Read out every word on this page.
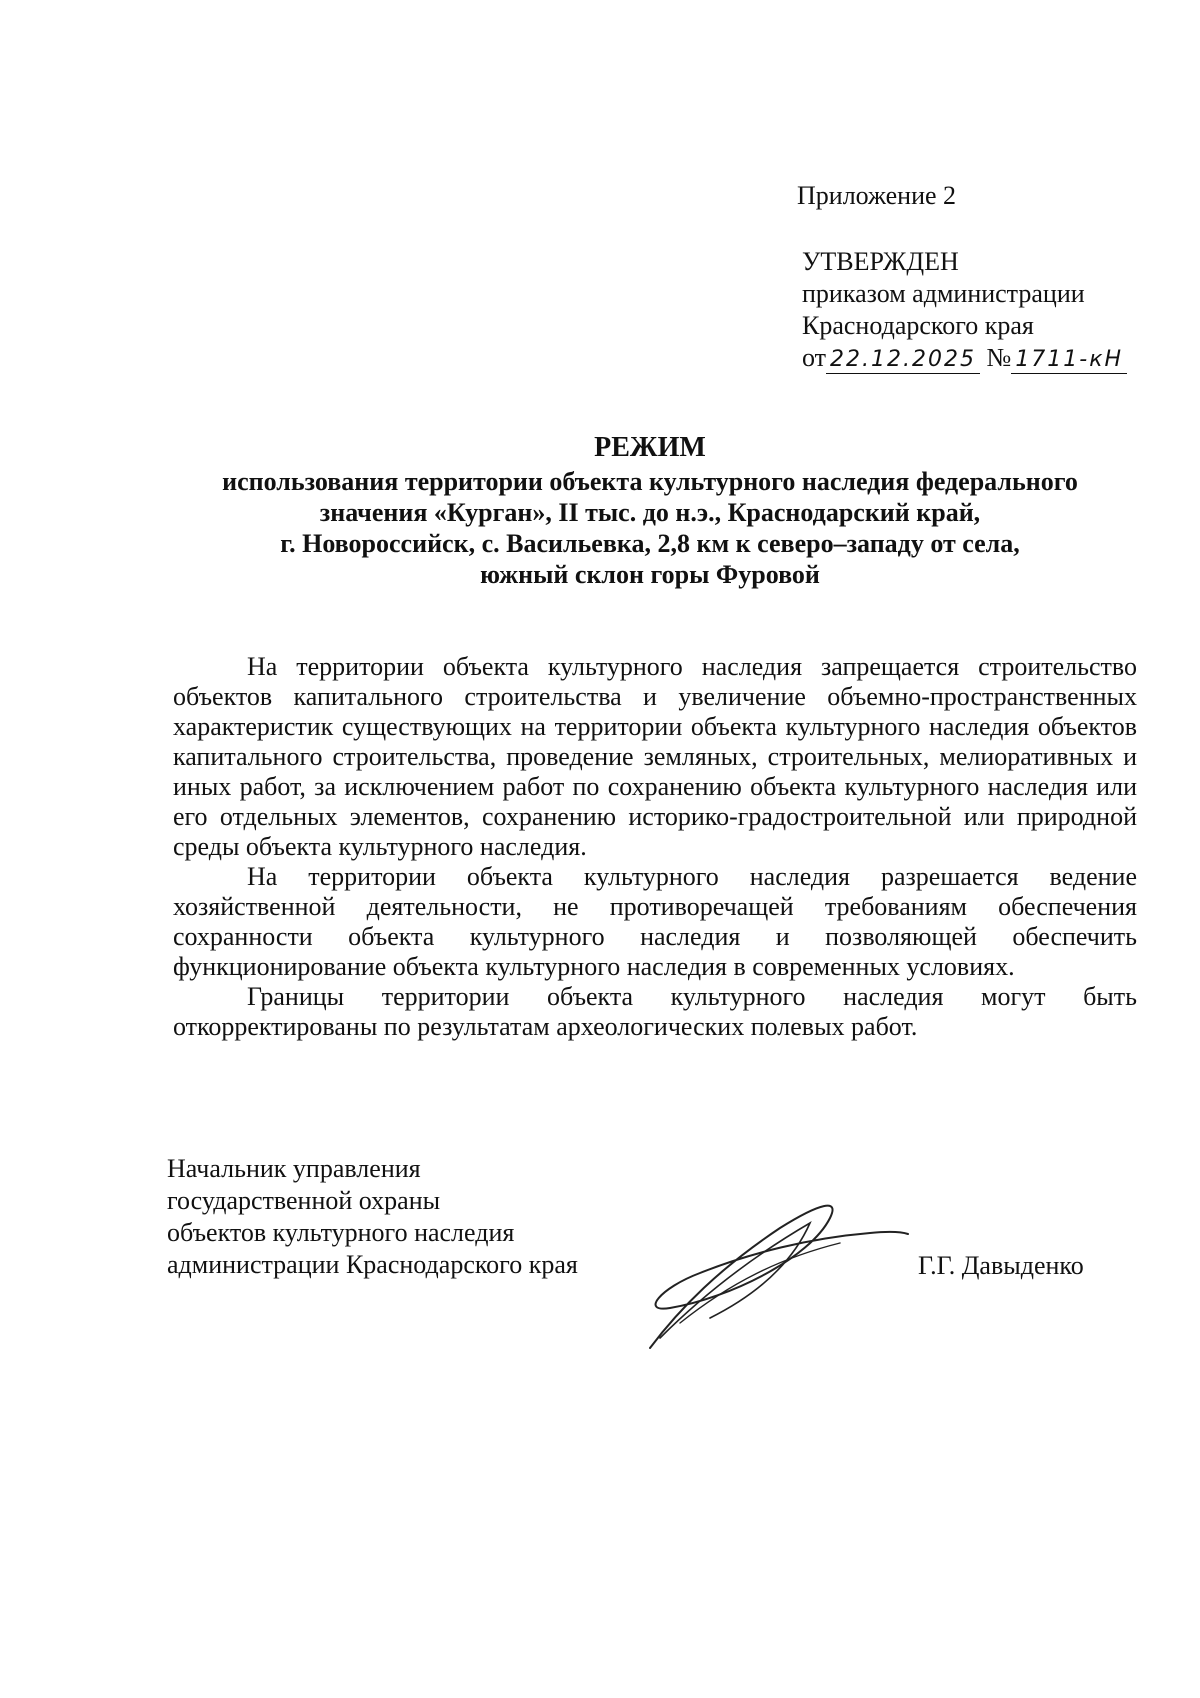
Приложение 2
УТВЕРЖДЕН
приказом администрации
Краснодарского края
от 22.12.2025 № 1711-кН
РЕЖИМ
использования территории объекта культурного наследия федерального
значения «Курган», II тыс. до н.э., Краснодарский край,
г. Новороссийск, с. Васильевка, 2,8 км к северо–западу от села,
южный склон горы Фуровой

На территории объекта культурного наследия запрещается строительство объектов капитального строительства и увеличение объемно-пространственных характеристик существующих на территории объекта культурного наследия объектов капитального строительства, проведение земляных, строительных, мелиоративных и иных работ, за исключением работ по сохранению объекта культурного наследия или его отдельных элементов, сохранению историко-градостроительной или природной среды объекта культурного наследия.

На территории объекта культурного наследия разрешается ведение хозяйственной деятельности, не противоречащей требованиям обеспечения сохранности объекта культурного наследия и позволяющей обеспечить функционирование объекта культурного наследия в современных условиях.

Границы территории объекта культурного наследия могут быть откорректированы по результатам археологических полевых работ.

Начальник управления
государственной охраны
объектов культурного наследия
администрации Краснодарского края	Г.Г. Давыденко
